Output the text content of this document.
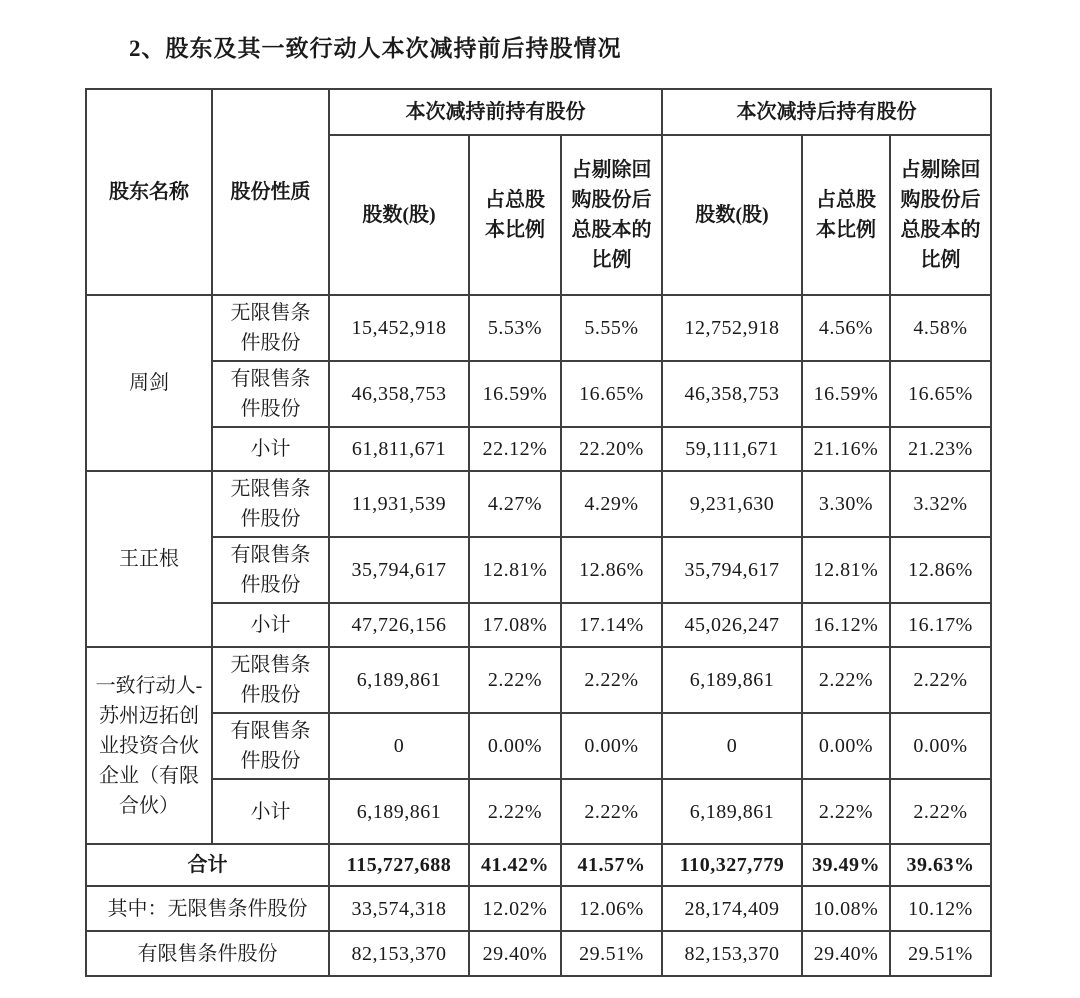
2、股东及其一致行动人本次减持前后持股情况
股东名称	股份性质	本次减持前持有股份			本次减持后持有股份		
		股数(股)	占总股本比例	占剔除回购股份后总股本的比例	股数(股)	占总股本比例	占剔除回购股份后总股本的比例
周剑	无限售条件股份	15,452,918	5.53%	5.55%	12,752,918	4.56%	4.58%
	有限售条件股份	46,358,753	16.59%	16.65%	46,358,753	16.59%	16.65%
	小计	61,811,671	22.12%	22.20%	59,111,671	21.16%	21.23%
王正根	无限售条件股份	11,931,539	4.27%	4.29%	9,231,630	3.30%	3.32%
	有限售条件股份	35,794,617	12.81%	12.86%	35,794,617	12.81%	12.86%
	小计	47,726,156	17.08%	17.14%	45,026,247	16.12%	16.17%
一致行动人-苏州迈拓创业投资合伙企业（有限合伙）	无限售条件股份	6,189,861	2.22%	2.22%	6,189,861	2.22%	2.22%
	有限售条件股份	0	0.00%	0.00%	0	0.00%	0.00%
	小计	6,189,861	2.22%	2.22%	6,189,861	2.22%	2.22%
合计		115,727,688	41.42%	41.57%	110,327,779	39.49%	39.63%
其中：无限售条件股份		33,574,318	12.02%	12.06%	28,174,409	10.08%	10.12%
有限售条件股份		82,153,370	29.40%	29.51%	82,153,370	29.40%	29.51%
